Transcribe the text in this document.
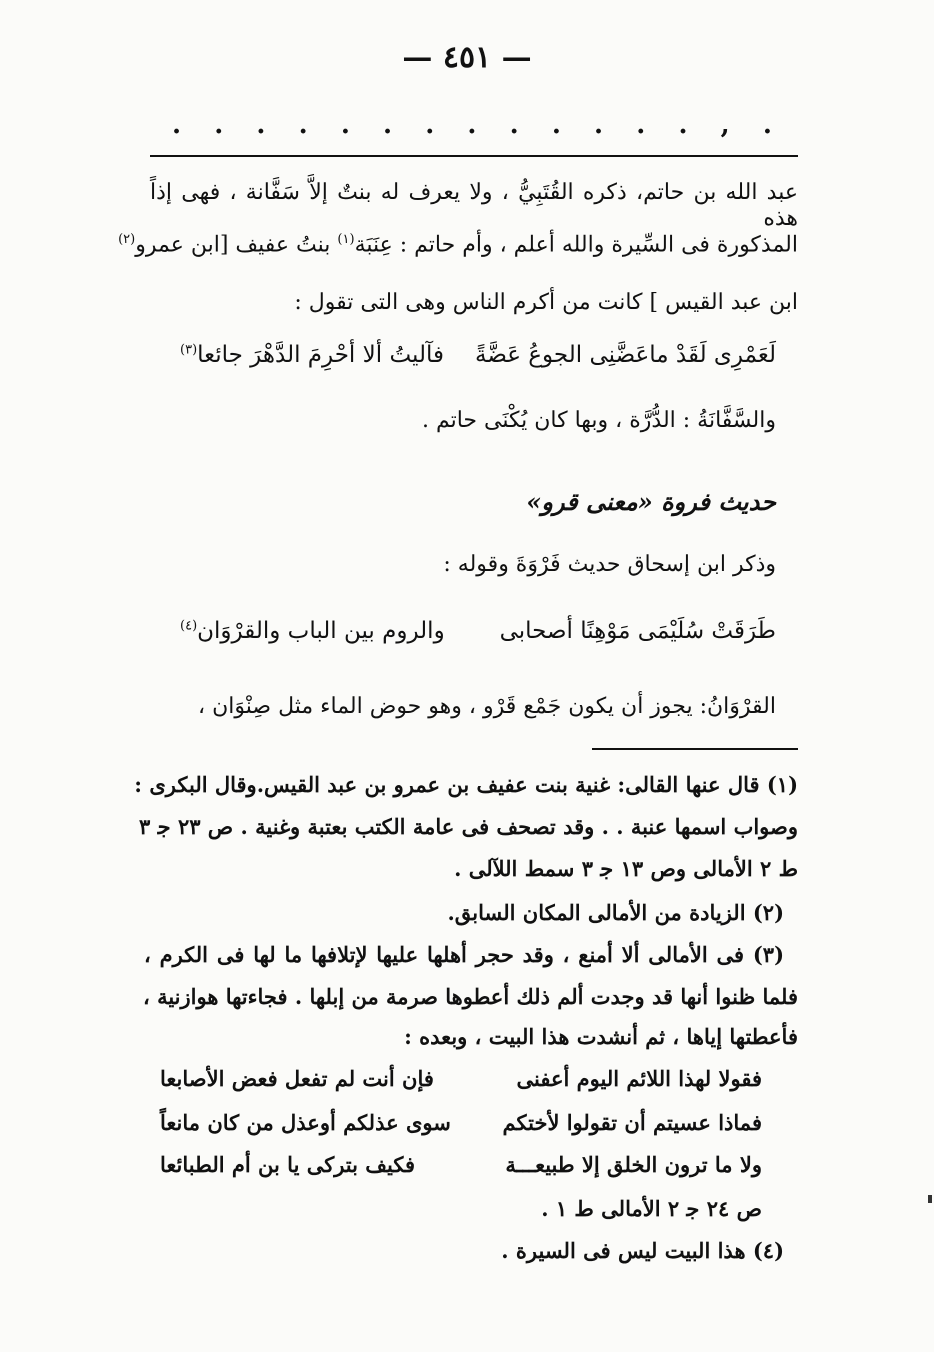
— ٤٥١ —
. . . . . . . . . . . . . , .
عبد الله بن حاتم، ذكره القُتَبِيُّ ، ولا يعرف له بنتٌ إلاَّ سَفَّانة ، فهى إذاً هذه
المذكورة فى السِّيرة والله أعلم ، وأم حاتم : عِنَبَة$^{(١)}$ بنتُ عفيف [ابن عمرو$^{(٢)}$
ابن عبد القيس ] كانت من أكرم الناس وهى التى تقول :
لَعَمْرِى لَقَدْ ماعَضَّنِى الجوعُ عَضَّةً
فآليتُ ألا أحْرِمَ الدَّهْرَ جائعا$^{(٣)}$
والسَّفَّانَةُ : الدُّرَّة ، وبها كان يُكْنَى حاتم .
حديث فروة «معنى قرو»
وذكر ابن إسحاق حديث فَرْوَةَ وقوله :
طَرَقَتْ سُلَيْمَى مَوْهِنًا أصحابى
والروم بين الباب والقرْوَان$^{(٤)}$
القرْوَانُ: يجوز أن يكون جَمْع قَرْو ، وهو حوض الماء مثل صِنْوَان ،
(١) قال عنها القالى: غنية بنت عفيف بن عمرو بن عبد القيس.وقال البكرى :
وصواب اسمها عنبة . . وقد تصحف فى عامة الكتب بعتبة وغنية . ص ٢٣ ﺟ ٣
ط ٢ الأمالى وص ١٣ ﺟ ٣ سمط اللآلى .
(٢) الزيادة من الأمالى المكان السابق.
(٣) فى الأمالى ألا أمنع ، وقد حجر أهلها عليها لإتلافها ما لها فى الكرم ،
فلما ظنوا أنها قد وجدت ألم ذلك أعطوها صرمة من إبلها . فجاءتها هوازنية ،
فأعطتها إياها ، ثم أنشدت هذا البيت ، وبعده :
فقولا لهذا اللائم اليوم أعفنى
فإن أنت لم تفعل فعض الأصابعا
فماذا عسيتم أن تقولوا لأختكم
سوى عذلكم أوعذل من كان مانعاً
ولا ما ترون الخلق إلا طبيعـــة
فكيف بتركى يا بن أم الطبائعا
ص ٢٤ ﺟ ٢ الأمالى ط ١ .
(٤) هذا البيت ليس فى السيرة .
